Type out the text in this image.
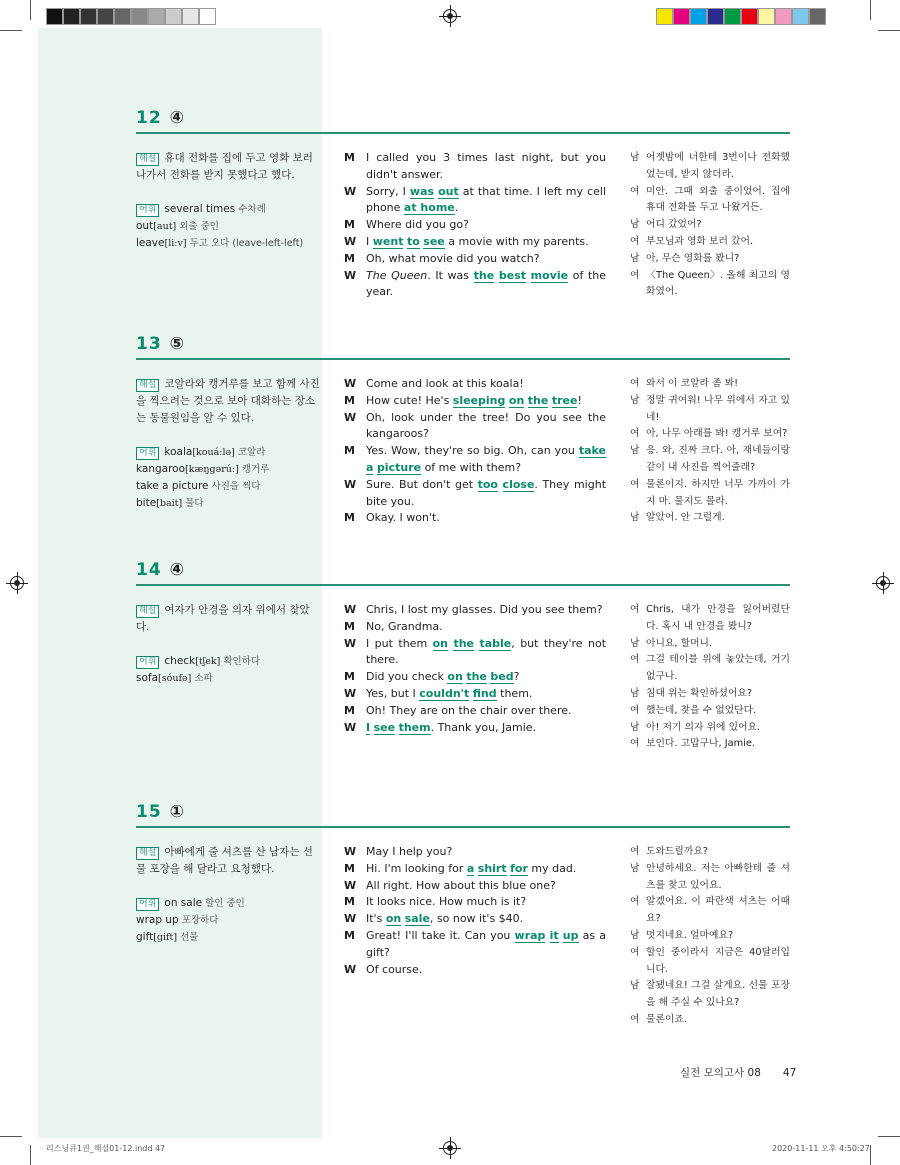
12 ④
해설 휴대 전화를 집에 두고 영화 보러 나가서 전화를 받지 못했다고 했다.
어휘 several times 수차례
out[aut] 외출 중인
leave[liːv] 두고 오다 (leave-left-left)
M	I called you 3 times last night, but you didn't answer.
W Sorry, I was out at that time. I left my cell phone at home.
M	Where did you go?
W I went to see a movie with my parents.
M	Oh, what movie did you watch?
W The Queen. It was the best movie of the year.
남 어젯밤에 너한테 3번이나 전화했었는데, 받지 않더라.
여 미안. 그때 외출 중이었어. 집에 휴대 전화를 두고 나왔거든.
남 어디 갔었어?
여 부모님과 영화 보러 갔어.
남 아, 무슨 영화를 봤니?
여 〈The Queen〉. 올해 최고의 영화였어.
13 ⑤
해설 코알라와 캥거루를 보고 함께 사진을 찍으려는 것으로 보아 대화하는 장소는 동물원임을 알 수 있다.
어휘 koala[kouáːlə] 코알라
kangaroo[kæŋgərúː] 캥거루
take a picture 사진을 찍다
bite[bait] 물다
W Come and look at this koala!
M	How cute! He's sleeping on the tree!
W Oh, look under the tree! Do you see the kangaroos?
M	Yes. Wow, they're so big. Oh, can you take a picture of me with them?
W Sure. But don't get too close. They might bite you.
M	Okay. I won't.
여 와서 이 코알라 좀 봐!
남 정말 귀여워! 나무 위에서 자고 있네!
여 아, 나무 아래를 봐! 캥거루 보여?
남 응. 와, 진짜 크다. 아, 재네들이랑 같이 내 사진을 찍어줄래?
여 물론이지. 하지만 너무 가까이 가지 마. 물지도 몰라.
남 알았어. 안 그럴게.
14 ④
해설 여자가 안경을 의자 위에서 찾았다.
어휘 check[tʃek] 확인하다
sofa[sóufə] 소파
W Chris, I lost my glasses. Did you see them?
M	No, Grandma.
W I put them on the table, but they're not there.
M	Did you check on the bed?
W Yes, but I couldn't find them.
M	Oh! They are on the chair over there.
W I see them. Thank you, Jamie.
여 Chris, 내가 안경을 잃어버렸단다. 혹시 내 안경을 봤니?
남 아니요, 할머니.
여 그걸 테이블 위에 놓았는데, 거기 없구나.
남 침대 위는 확인하셨어요?
여 했는데, 찾을 수 없었단다.
남 아! 저기 의자 위에 있어요.
여 보인다. 고맙구나, Jamie.
15 ①
해설 아빠에게 줄 셔츠를 산 남자는 선물 포장을 해 달라고 요청했다.
어휘 on sale 할인 중인
wrap up 포장하다
gift[gift] 선물
W May I help you?
M	Hi. I'm looking for a shirt for my dad.
W All right. How about this blue one?
M	It looks nice. How much is it?
W It's on sale, so now it's $40.
M	Great! I'll take it. Can you wrap it up as a gift?
W Of course.
여 도와드릴까요?
남 안녕하세요. 저는 아빠한테 줄 셔츠를 찾고 있어요.
여 알겠어요. 이 파란색 셔츠는 어때요?
남 멋지네요. 얼마예요?
여 할인 중이라서 지금은 40달러입니다.
남 잘됐네요! 그걸 살게요. 선물 포장을 해 주실 수 있나요?
여 물론이죠.
실전 모의고사 08 47
리스닝큐1권_해설01-12.indd 47	2020-11-11 오후 4:50:27
